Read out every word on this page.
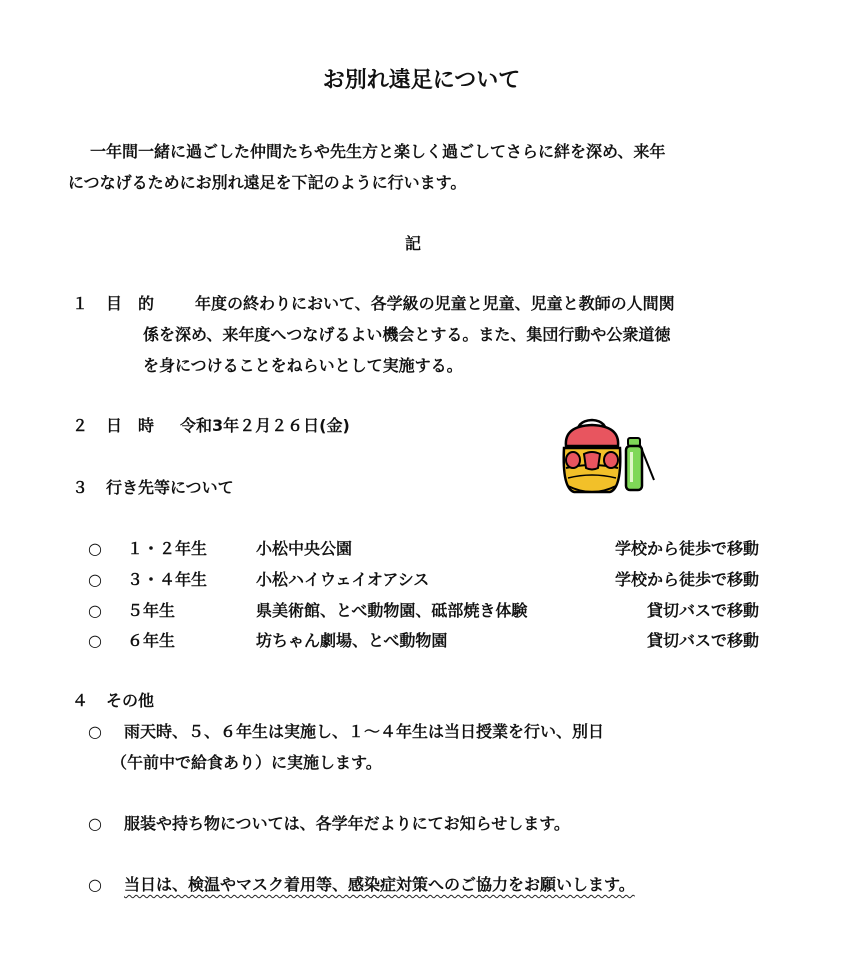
お別れ遠足について
一年間一緒に過ごした仲間たちや先生方と楽しく過ごしてさらに絆を深め、来年
につなげるためにお別れ遠足を下記のように行います。
記
１ 目　的	年度の終わりにおいて、各学級の児童と児童、児童と教師の人間関
係を深め、来年度へつなげるよい機会とする。また、集団行動や公衆道徳
を身につけることをねらいとして実施する。
２ 日　時 令和3年２月２６日(金)
３ 行き先等について
○ １・２年生	小松中央公園	学校から徒歩で移動
○ ３・４年生	小松ハイウェイオアシス	学校から徒歩で移動
○ ５年生	県美術館、とべ動物園、砥部焼き体験	貸切バスで移動
○ ６年生	坊ちゃん劇場、とべ動物園	貸切バスで移動
４ その他
○ 雨天時、５、６年生は実施し、１～４年生は当日授業を行い、別日
（午前中で給食あり）に実施します。
○ 服装や持ち物については、各学年だよりにてお知らせします。
○ 当日は、検温やマスク着用等、感染症対策へのご協力をお願いします。
